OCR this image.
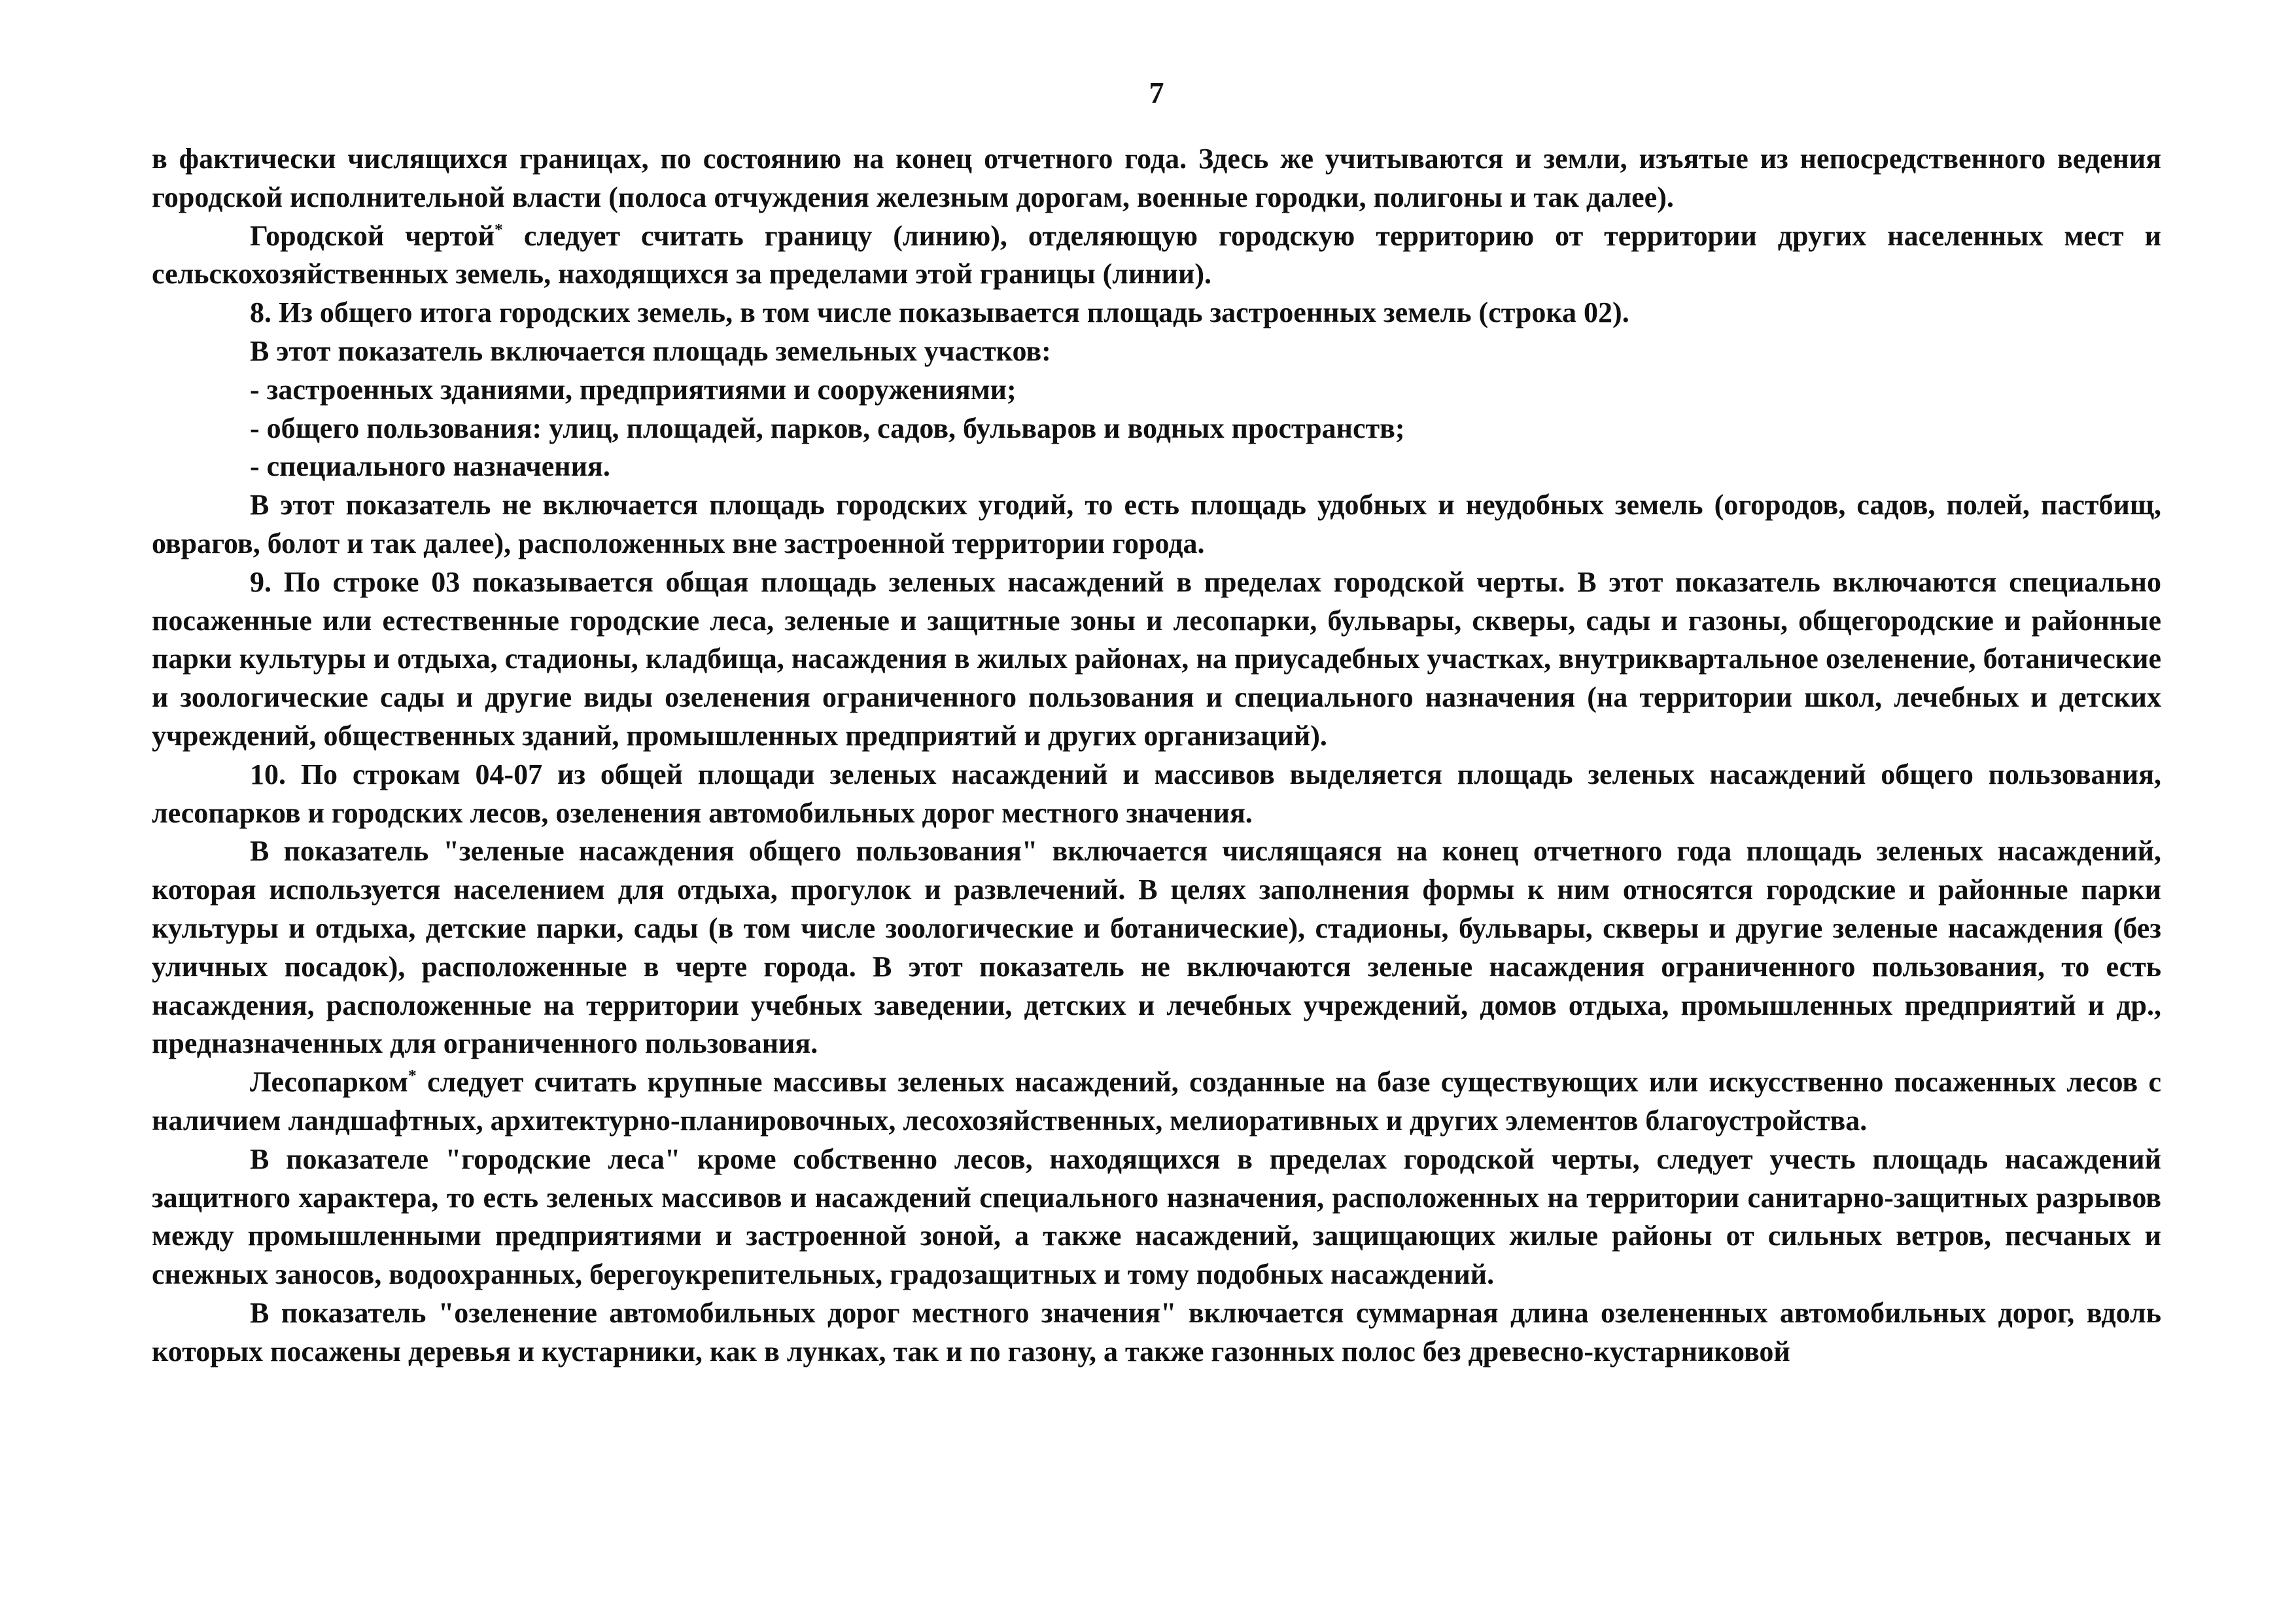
7

в фактически числящихся границах, по состоянию на конец отчетного года. Здесь же учитываются и земли, изъятые из непосредственного ведения городской исполнительной власти (полоса отчуждения железным дорогам, военные городки, полигоны и так далее).

Городской чертой* следует считать границу (линию), отделяющую городскую территорию от территории других населенных мест и сельскохозяйственных земель, находящихся за пределами этой границы (линии).

8. Из общего итога городских земель, в том числе показывается площадь застроенных земель (строка 02).

В этот показатель включается площадь земельных участков:

- застроенных зданиями, предприятиями и сооружениями;

- общего пользования: улиц, площадей, парков, садов, бульваров и водных пространств;

- специального назначения.

В этот показатель не включается площадь городских угодий, то есть площадь удобных и неудобных земель (огородов, садов, полей, пастбищ, оврагов, болот и так далее), расположенных вне застроенной территории города.

9. По строке 03 показывается общая площадь зеленых насаждений в пределах городской черты. В этот показатель включаются специально посаженные или естественные городские леса, зеленые и защитные зоны и лесопарки, бульвары, скверы, сады и газоны, общегородские и районные парки культуры и отдыха, стадионы, кладбища, насаждения в жилых районах, на приусадебных участках, внутриквартальное озеленение, ботанические и зоологические сады и другие виды озеленения ограниченного пользования и специального назначения (на территории школ, лечебных и детских учреждений, общественных зданий, промышленных предприятий и других организаций).

10. По строкам 04-07 из общей площади зеленых насаждений и массивов выделяется площадь зеленых насаждений общего пользования, лесопарков и городских лесов, озеленения автомобильных дорог местного значения.

В показатель "зеленые насаждения общего пользования" включается числящаяся на конец отчетного года площадь зеленых насаждений, которая используется населением для отдыха, прогулок и развлечений. В целях заполнения формы к ним относятся городские и районные парки культуры и отдыха, детские парки, сады (в том числе зоологические и ботанические), стадионы, бульвары, скверы и другие зеленые насаждения (без уличных посадок), расположенные в черте города. В этот показатель не включаются зеленые насаждения ограниченного пользования, то есть насаждения, расположенные на территории учебных заведении, детских и лечебных учреждений, домов отдыха, промышленных предприятий и др., предназначенных для ограниченного пользования.

Лесопарком* следует считать крупные массивы зеленых насаждений, созданные на базе существующих или искусственно посаженных лесов с наличием ландшафтных, архитектурно-планировочных, лесохозяйственных, мелиоративных и других элементов благоустройства.

В показателе "городские леса" кроме собственно лесов, находящихся в пределах городской черты, следует учесть площадь насаждений защитного характера, то есть зеленых массивов и насаждений специального назначения, расположенных на территории санитарно-защитных разрывов между промышленными предприятиями и застроенной зоной, а также насаждений, защищающих жилые районы от сильных ветров, песчаных и снежных заносов, водоохранных, берегоукрепительных, градозащитных и тому подобных насаждений.

В показатель "озеленение автомобильных дорог местного значения" включается суммарная длина озелененных автомобильных дорог, вдоль которых посажены деревья и кустарники, как в лунках, так и по газону, а также газонных полос без древесно-кустарниковой
